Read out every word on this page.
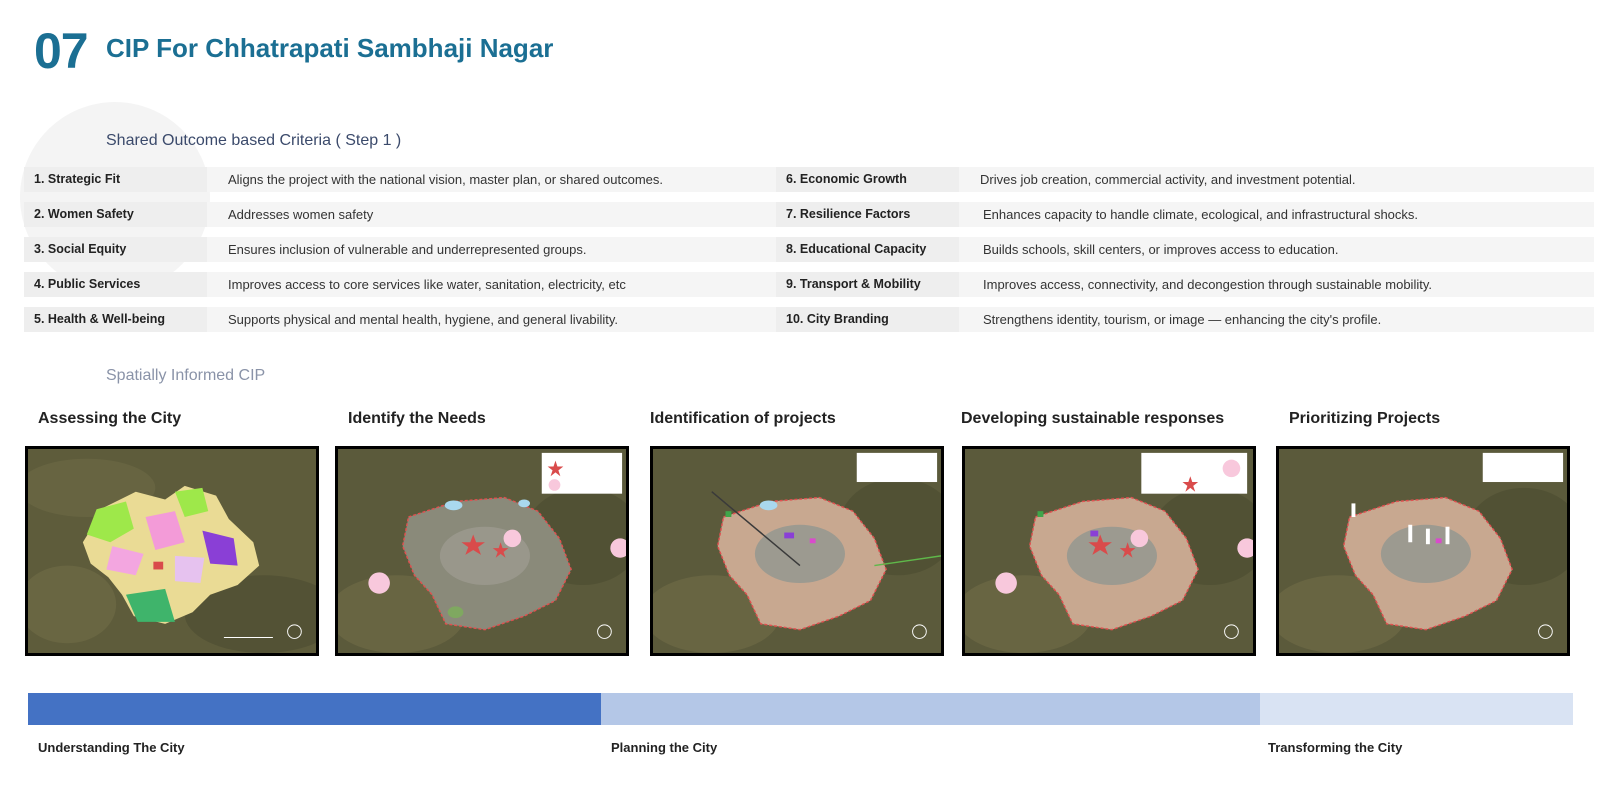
07 CIP For Chhatrapati Sambhaji Nagar
Shared Outcome based Criteria ( Step 1 )
1. Strategic Fit	Aligns the project with the national vision, master plan, or shared outcomes.	6. Economic Growth	Drives job creation, commercial activity, and investment potential.
2. Women Safety	Addresses women safety	7. Resilience Factors	Enhances capacity to handle climate, ecological, and infrastructural shocks.
3. Social Equity	Ensures inclusion of vulnerable and underrepresented groups.	8. Educational Capacity	Builds schools, skill centers, or improves access to education.
4. Public Services	Improves access to core services like water, sanitation, electricity, etc	9. Transport & Mobility	Improves access, connectivity, and decongestion through sustainable mobility.
5. Health & Well-being	Supports physical and mental health, hygiene, and general livability.	10. City Branding	Strengthens identity, tourism, or image — enhancing the city's profile.
Spatially Informed CIP
Assessing the City	Identify the Needs	Identification of projects	Developing sustainable responses	Prioritizing Projects
Understanding The City	Planning the City	Transforming the City
